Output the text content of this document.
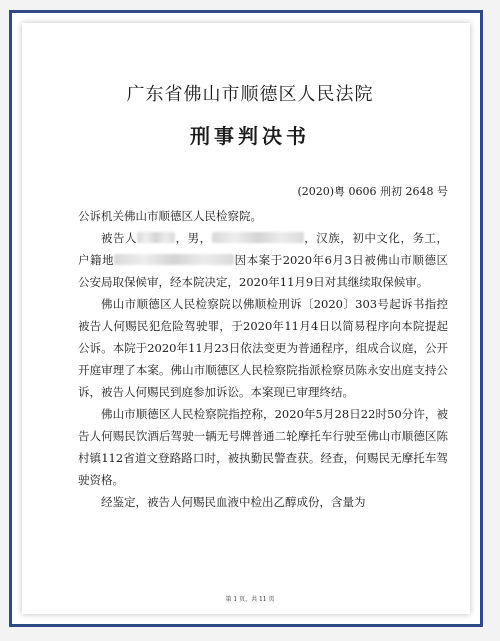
广东省佛山市顺德区人民法院
刑事判决书
(2020)粤 0606 刑初 2648 号

公诉机关佛山市顺德区人民检察院。

被告人	，男，	，汉族，初中文化，务工，户籍地	因本案于2020年6月3日被佛山市顺德区公安局取保候审，经本院决定，2020年11月9日对其继续取保候审。

佛山市顺德区人民检察院以佛顺检刑诉〔2020〕303号起诉书指控被告人何赐民犯危险驾驶罪，于2020年11月4日以简易程序向本院提起公诉。本院于2020年11月23日依法变更为普通程序，组成合议庭，公开开庭审理了本案。佛山市顺德区人民检察院指派检察员陈永安出庭支持公诉，被告人何赐民到庭参加诉讼。本案现已审理终结。

佛山市顺德区人民检察院指控称，2020年5月28日22时50分许，被告人何赐民饮酒后驾驶一辆无号牌普通二轮摩托车行驶至佛山市顺德区陈村镇112省道文登路路口时，被执勤民警查获。经查，何赐民无摩托车驾驶资格。

经鉴定，被告人何赐民血液中检出乙醇成份，含量为

第 1 页，共 11 页
